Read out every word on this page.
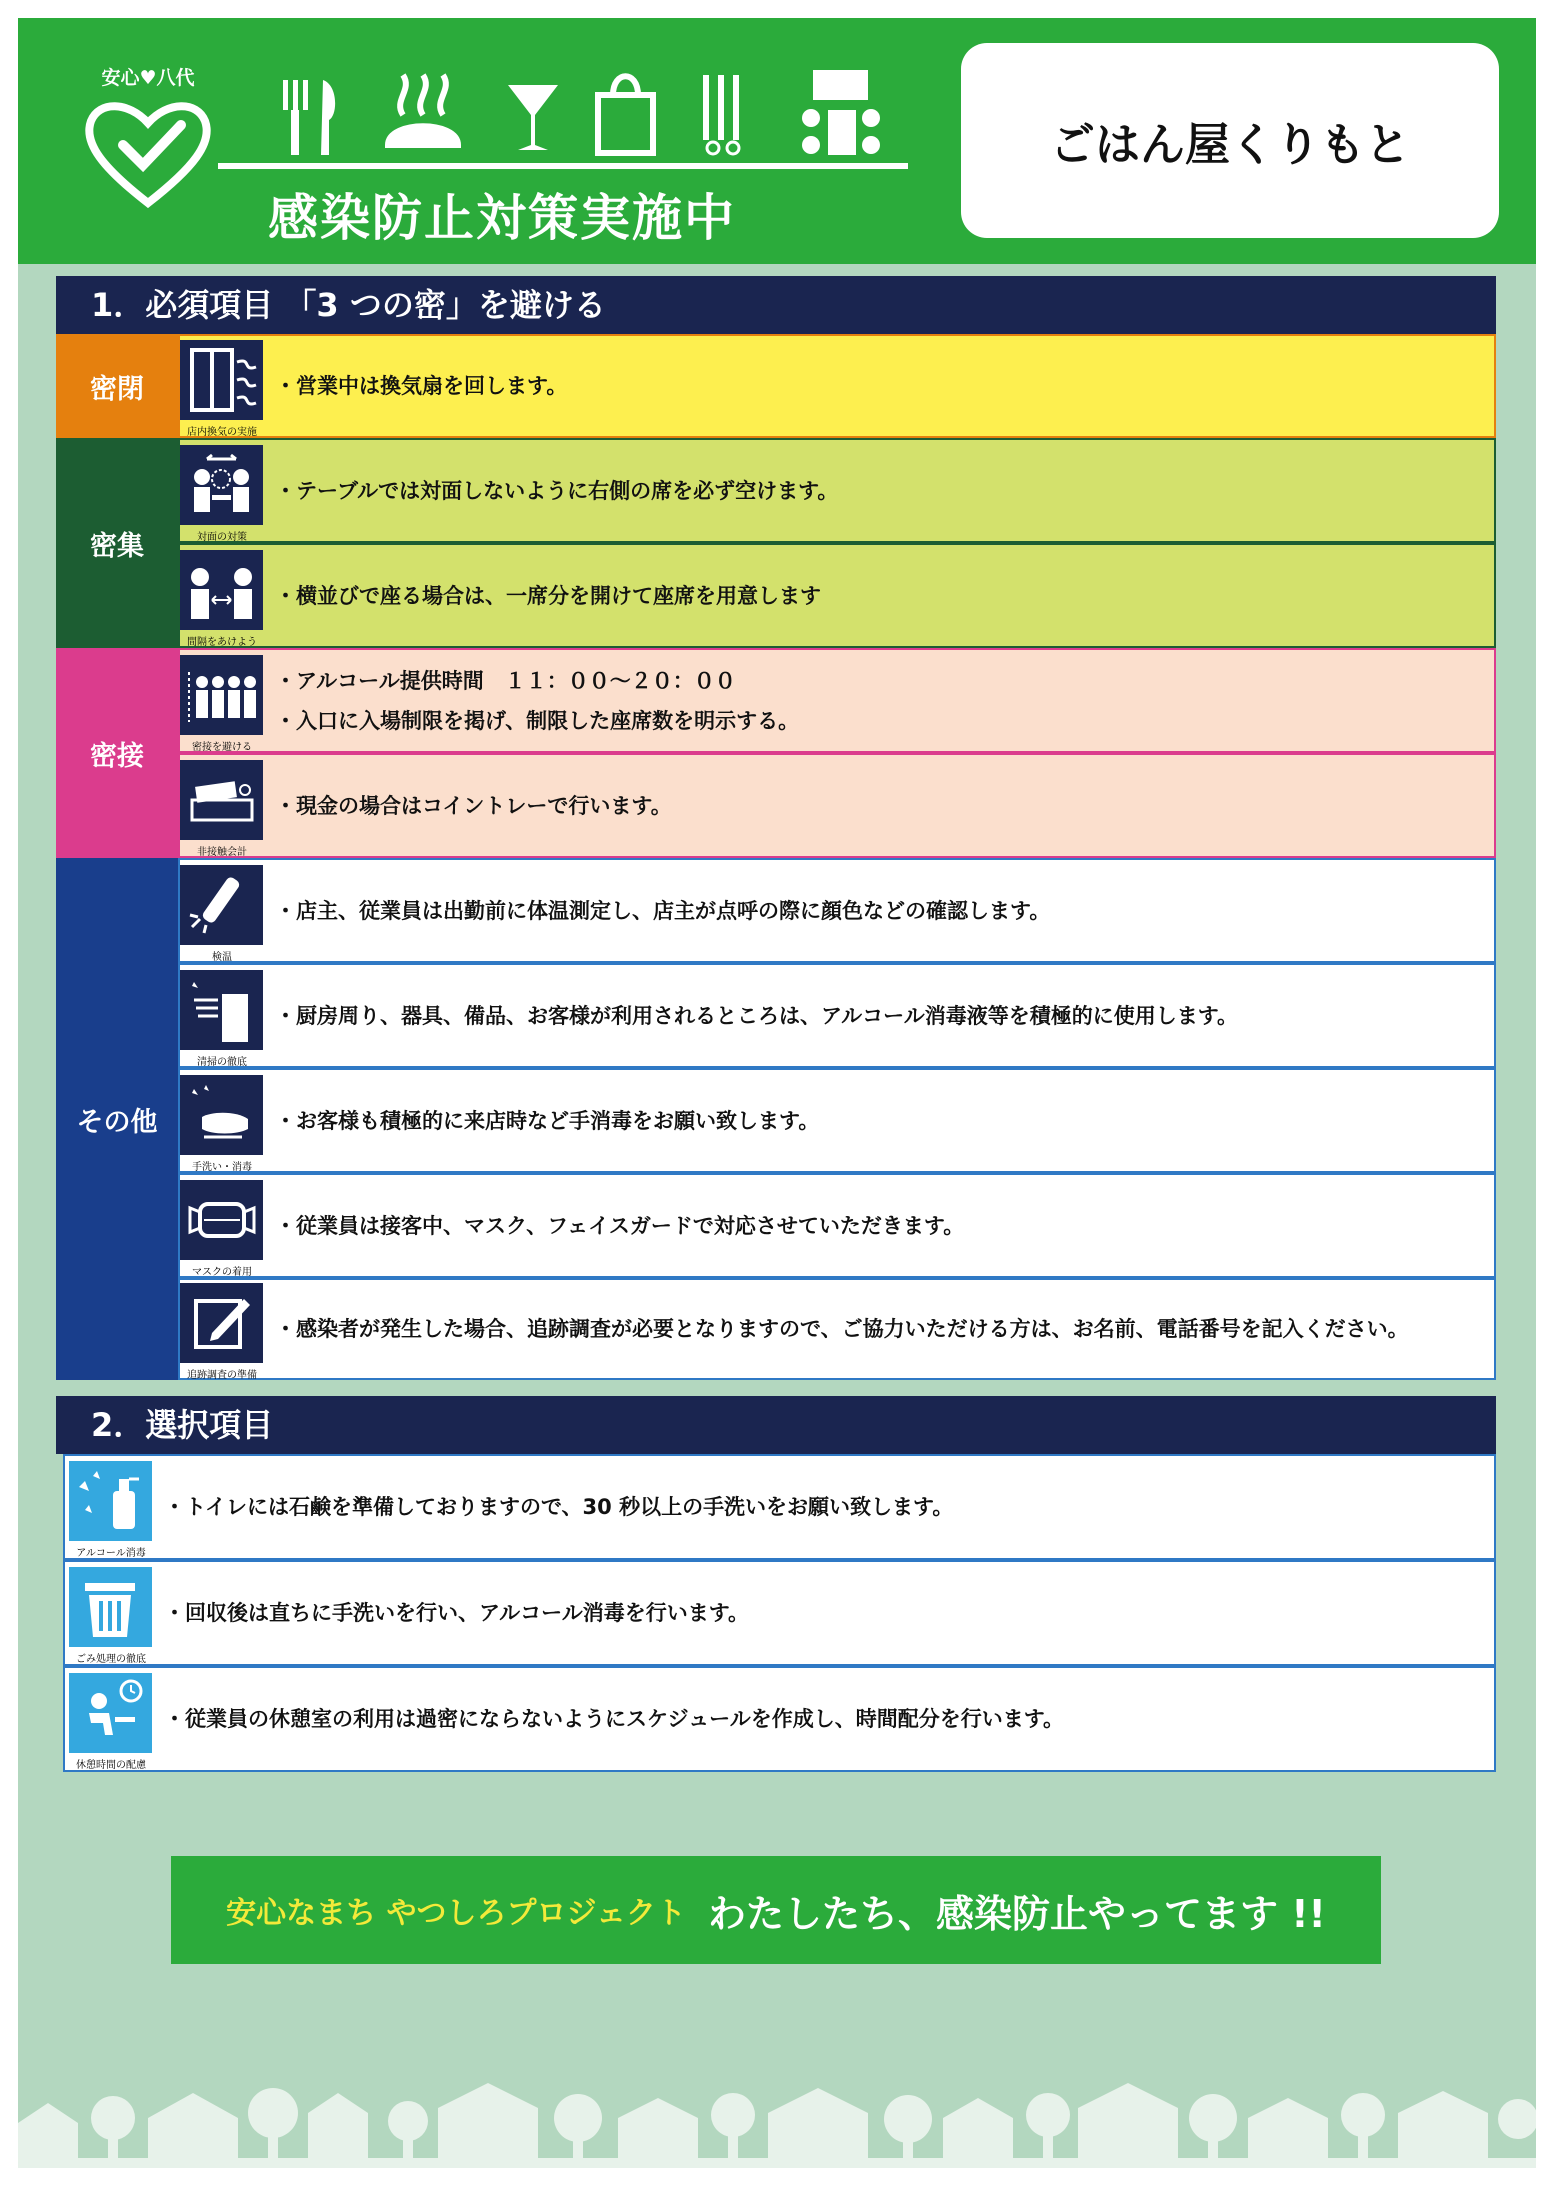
安心♥八代
感染防止対策実施中
ごはん屋くりもと
1．必須項目 「3 つの密」を避ける
密閉
密集
密接
その他
店内換気の実施
・営業中は換気扇を回します。
対面の対策
・テーブルでは対面しないように右側の席を必ず空けます。
間隔をあけよう
・横並びで座る場合は、一席分を開けて座席を用意します
密接を避ける
・アルコール提供時間　１１：００～２０：００
・入口に入場制限を掲げ、制限した座席数を明示する。
非接触会計
・現金の場合はコイントレーで行います。
検温
・店主、従業員は出勤前に体温測定し、店主が点呼の際に顔色などの確認します。
清掃の徹底
・厨房周り、器具、備品、お客様が利用されるところは、アルコール消毒液等を積極的に使用します。
手洗い・消毒
・お客様も積極的に来店時など手消毒をお願い致します。
マスクの着用
・従業員は接客中、マスク、フェイスガードで対応させていただきます。
追跡調査の準備
・感染者が発生した場合、追跡調査が必要となりますので、ご協力いただける方は、お名前、電話番号を記入ください。
2．選択項目
アルコール消毒
・トイレには石鹸を準備しておりますので、30 秒以上の手洗いをお願い致します。
ごみ処理の徹底
・回収後は直ちに手洗いを行い、アルコール消毒を行います。
休憩時間の配慮
・従業員の休憩室の利用は過密にならないようにスケジュールを作成し、時間配分を行います。
安心なまち やつしろプロジェクト わたしたち、感染防止やってます !!
